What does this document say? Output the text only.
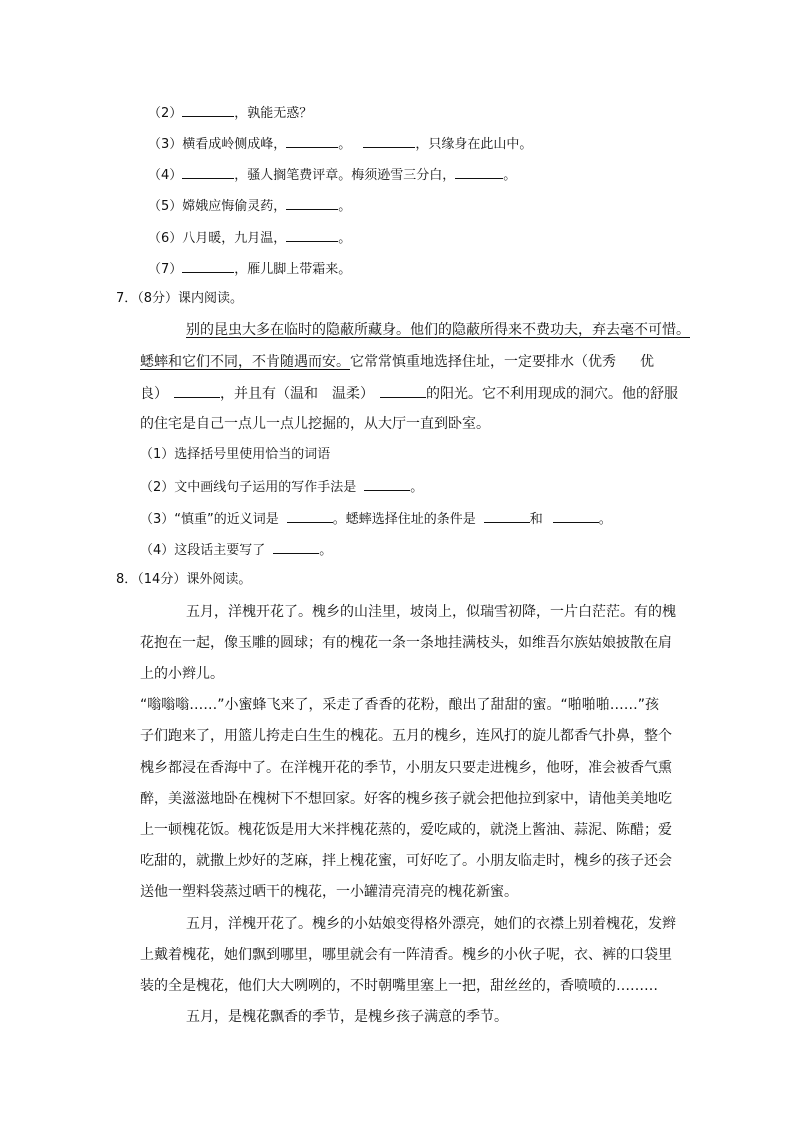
（2）	，孰能无惑？
（3）横看成岭侧成峰，	。	，只缘身在此山中。
（4）	，骚人搁笔费评章。梅须逊雪三分白，	。
（5）嫦娥应悔偷灵药，	。
（6）八月暖，九月温，	。
（7）	，雁儿脚上带霜来。
7．（8分）课内阅读。
别的昆虫大多在临时的隐蔽所藏身。他们的隐蔽所得来不费功夫，弃去毫不可惜。
蟋蟀和它们不同，不肯随遇而安。它常常慎重地选择住址，一定要排水（优秀 优
良）	，并且有（温和 温柔）	的阳光。它不利用现成的洞穴。他的舒服
的住宅是自己一点儿一点儿挖掘的，从大厅一直到卧室。
（1）选择括号里使用恰当的词语
（2）文中画线句子运用的写作手法是	。
（3）“慎重”的近义词是	。蟋蟀选择住址的条件是	和	。
（4）这段话主要写了	。
8．（14分）课外阅读。
五月，洋槐开花了。槐乡的山洼里，坡岗上，似瑞雪初降，一片白茫茫。有的槐
花抱在一起，像玉雕的圆球；有的槐花一条一条地挂满枝头，如维吾尔族姑娘披散在肩
上的小辫儿。
“嗡嗡嗡……”小蜜蜂飞来了，采走了香香的花粉，酿出了甜甜的蜜。“啪啪啪……”孩
子们跑来了，用篮儿挎走白生生的槐花。五月的槐乡，连风打的旋儿都香气扑鼻，整个
槐乡都浸在香海中了。在洋槐开花的季节，小朋友只要走进槐乡，他呀，准会被香气熏
醉，美滋滋地卧在槐树下不想回家。好客的槐乡孩子就会把他拉到家中，请他美美地吃
上一顿槐花饭。槐花饭是用大米拌槐花蒸的，爱吃咸的，就浇上酱油、蒜泥、陈醋；爱
吃甜的，就撒上炒好的芝麻，拌上槐花蜜，可好吃了。小朋友临走时，槐乡的孩子还会
送他一塑料袋蒸过晒干的槐花，一小罐清亮清亮的槐花新蜜。
五月，洋槐开花了。槐乡的小姑娘变得格外漂亮，她们的衣襟上别着槐花，发辫
上戴着槐花，她们飘到哪里，哪里就会有一阵清香。槐乡的小伙子呢，衣、裤的口袋里
装的全是槐花，他们大大咧咧的，不时朝嘴里塞上一把，甜丝丝的，香喷喷的………
五月，是槐花飘香的季节，是槐乡孩子满意的季节。
